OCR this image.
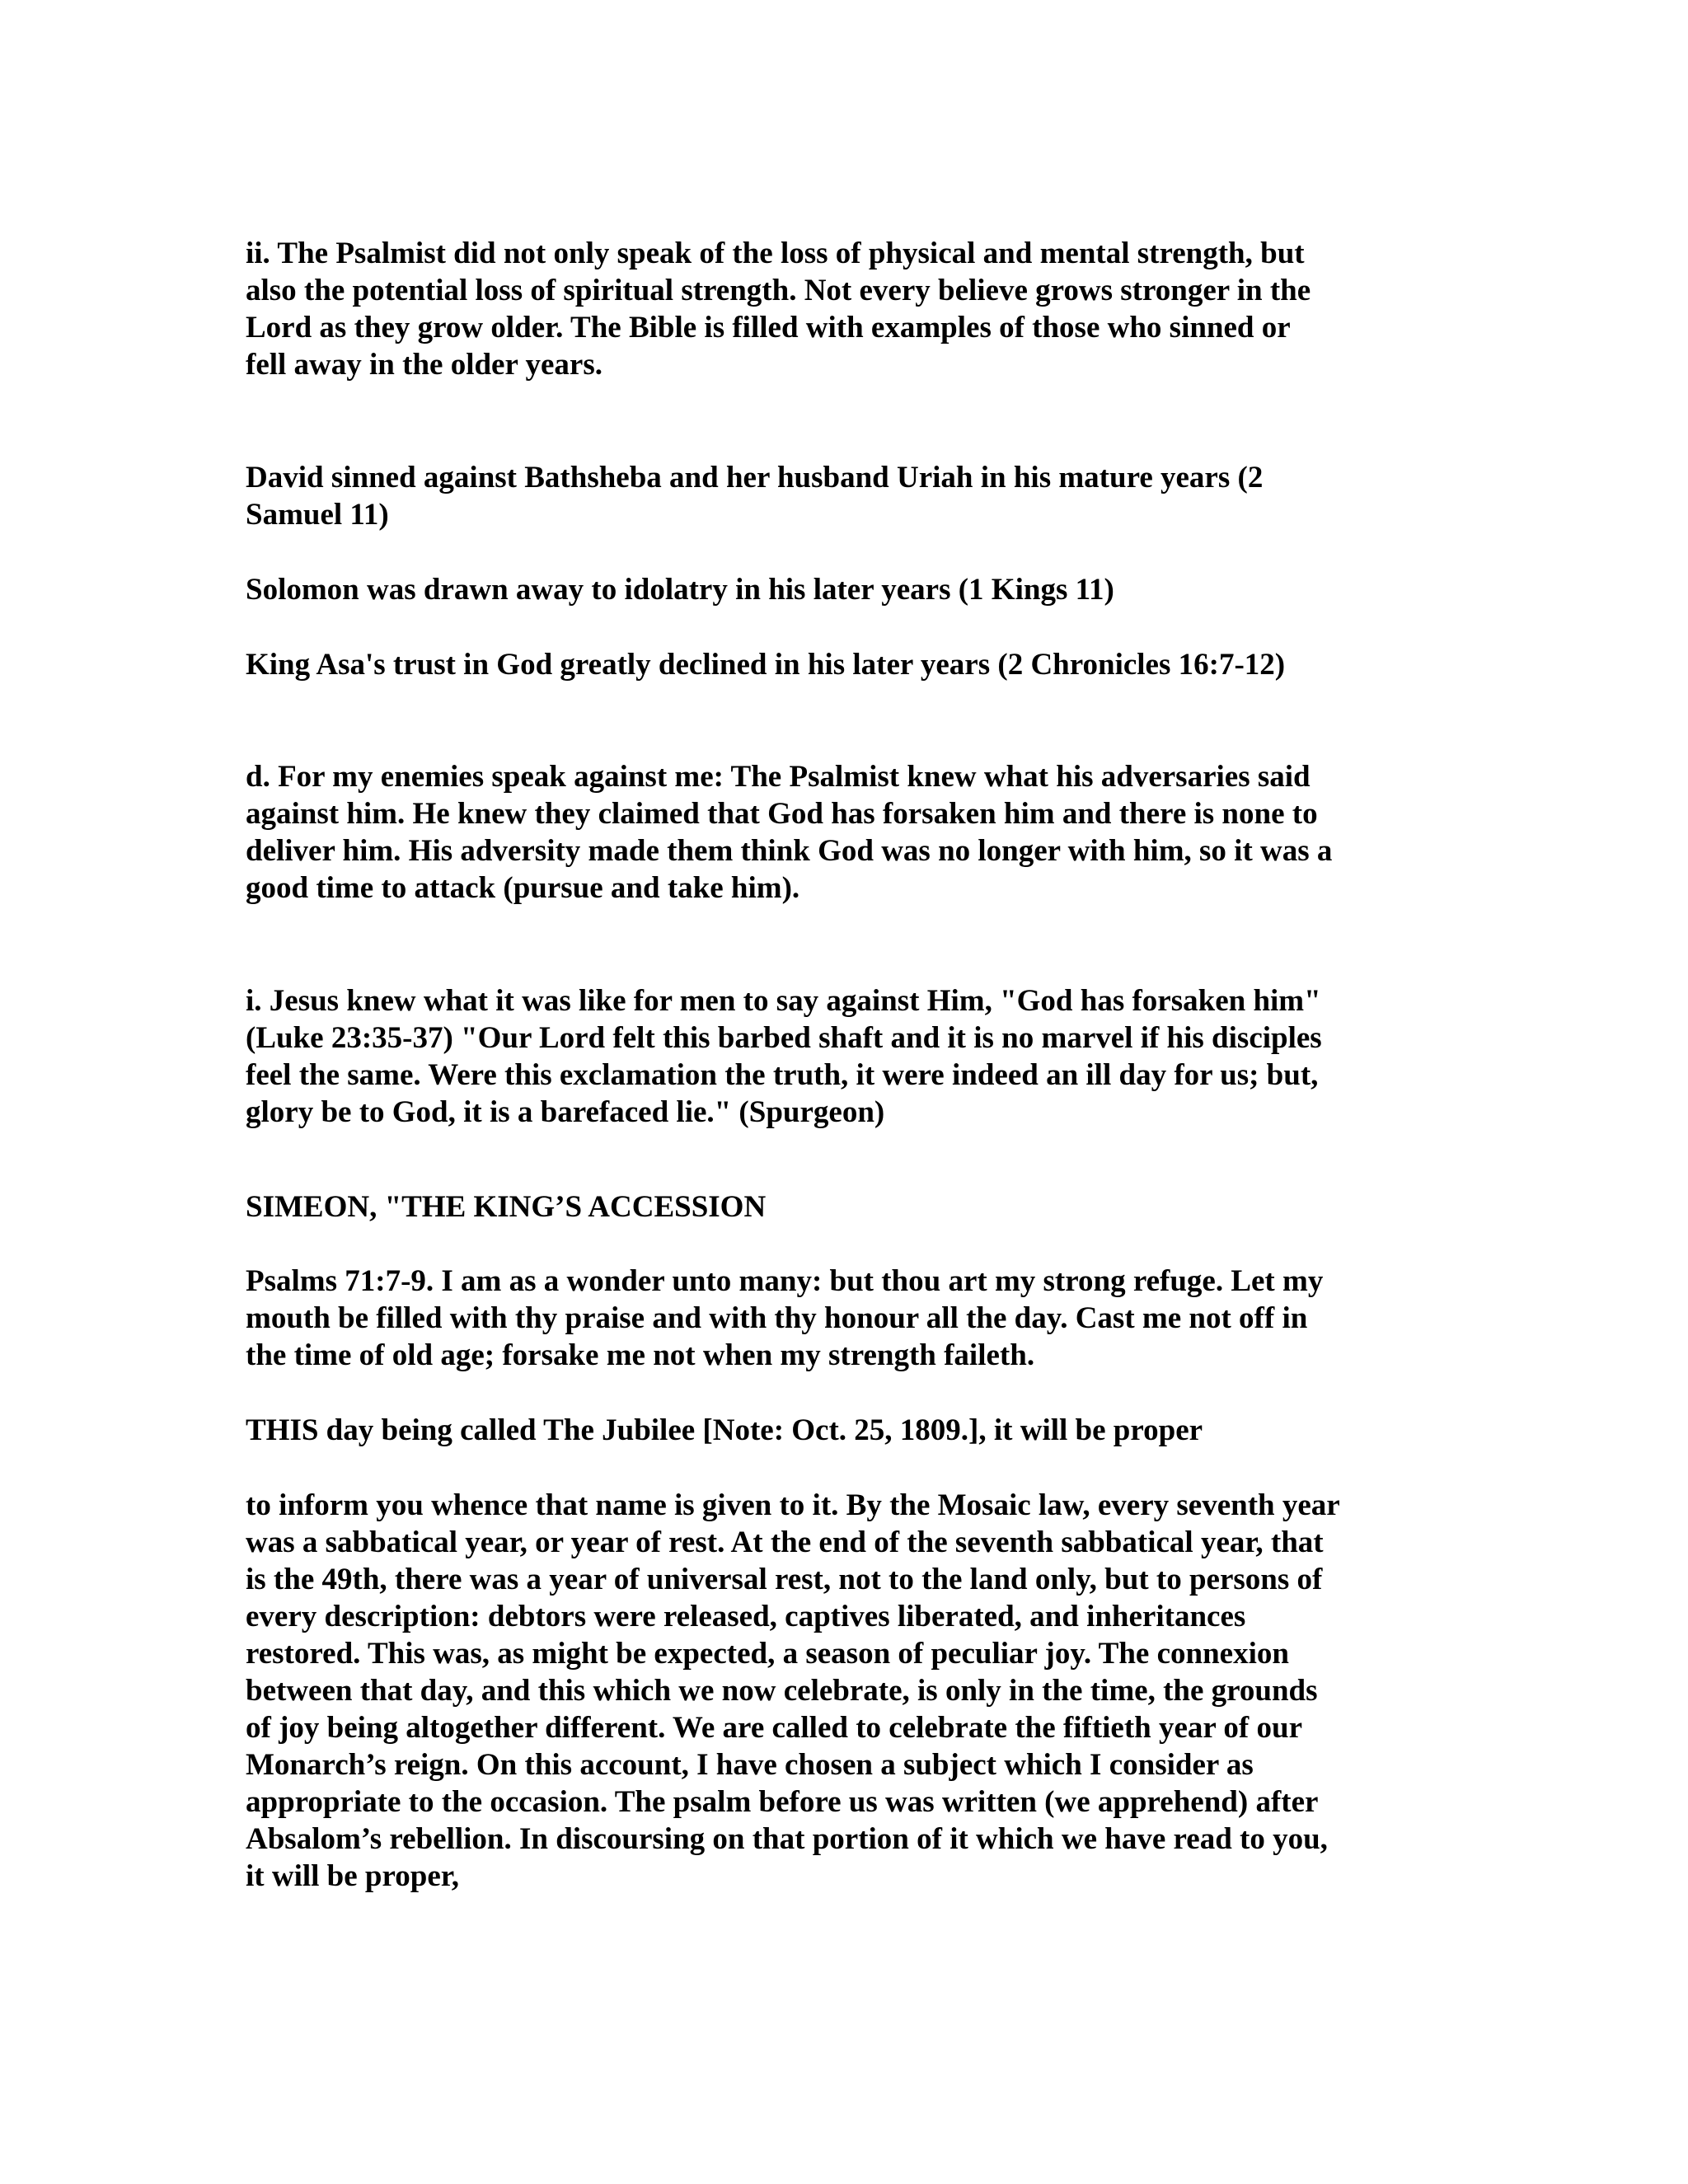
ii. The Psalmist did not only speak of the loss of physical and mental strength, but
also the potential loss of spiritual strength. Not every believe grows stronger in the
Lord as they grow older. The Bible is filled with examples of those who sinned or
fell away in the older years.

David sinned against Bathsheba and her husband Uriah in his mature years (2
Samuel 11)

Solomon was drawn away to idolatry in his later years (1 Kings 11)

King Asa's trust in God greatly declined in his later years (2 Chronicles 16:7-12)

d. For my enemies speak against me: The Psalmist knew what his adversaries said
against him. He knew they claimed that God has forsaken him and there is none to
deliver him. His adversity made them think God was no longer with him, so it was a
good time to attack (pursue and take him).

i. Jesus knew what it was like for men to say against Him, "God has forsaken him"
(Luke 23:35-37) "Our Lord felt this barbed shaft and it is no marvel if his disciples
feel the same. Were this exclamation the truth, it were indeed an ill day for us; but,
glory be to God, it is a barefaced lie." (Spurgeon)

SIMEON, "THE KING’S ACCESSION

Psalms 71:7-9. I am as a wonder unto many: but thou art my strong refuge. Let my
mouth be filled with thy praise and with thy honour all the day. Cast me not off in
the time of old age; forsake me not when my strength faileth.

THIS day being called The Jubilee [Note: Oct. 25, 1809.], it will be proper

to inform you whence that name is given to it. By the Mosaic law, every seventh year
was a sabbatical year, or year of rest. At the end of the seventh sabbatical year, that
is the 49th, there was a year of universal rest, not to the land only, but to persons of
every description: debtors were released, captives liberated, and inheritances
restored. This was, as might be expected, a season of peculiar joy. The connexion
between that day, and this which we now celebrate, is only in the time, the grounds
of joy being altogether different. We are called to celebrate the fiftieth year of our
Monarch’s reign. On this account, I have chosen a subject which I consider as
appropriate to the occasion. The psalm before us was written (we apprehend) after
Absalom’s rebellion. In discoursing on that portion of it which we have read to you,
it will be proper,
